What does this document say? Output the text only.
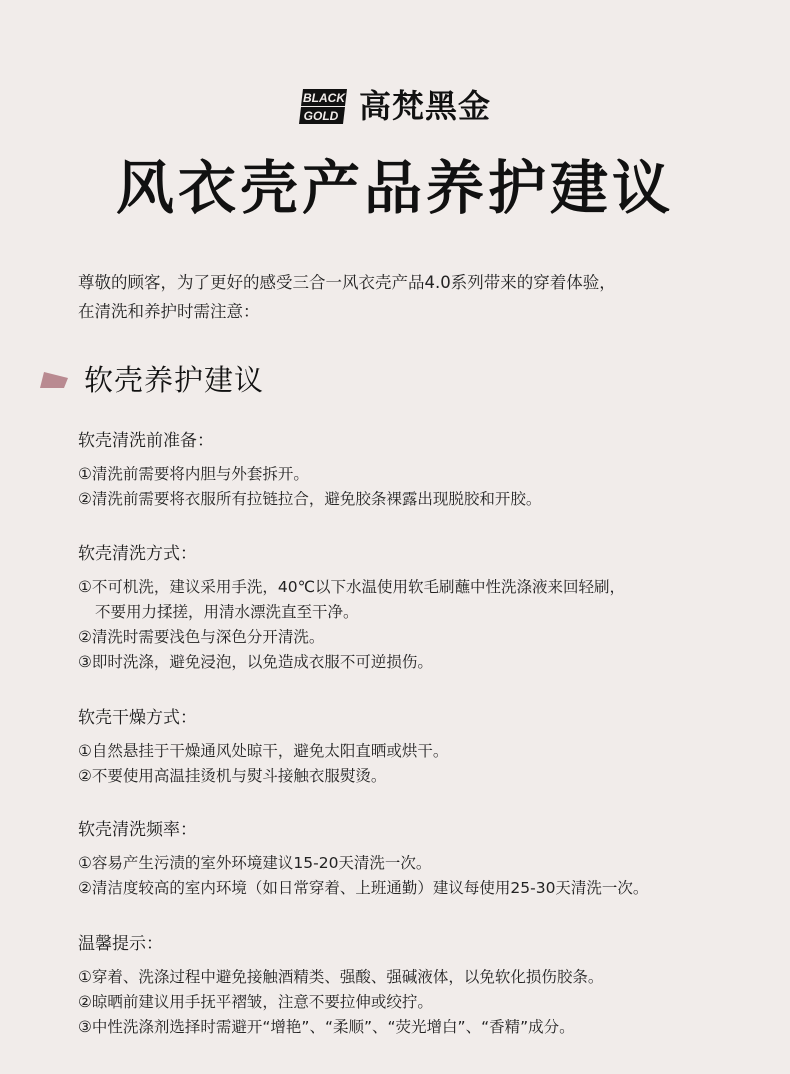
BLACK
GOLD 高梵黑金
风衣壳产品养护建议

尊敬的顾客，为了更好的感受三合一风衣壳产品4.0系列带来的穿着体验，

在清洗和养护时需注意：

软壳养护建议

软壳清洗前准备：

①清洗前需要将内胆与外套拆开。
②清洗前需要将衣服所有拉链拉合，避免胶条裸露出现脱胶和开胶。

软壳清洗方式：

①不可机洗，建议采用手洗，40℃以下水温使用软毛刷蘸中性洗涤液来回轻刷，
不要用力揉搓，用清水漂洗直至干净。
②清洗时需要浅色与深色分开清洗。
③即时洗涤，避免浸泡，以免造成衣服不可逆损伤。

软壳干燥方式：

①自然悬挂于干燥通风处晾干，避免太阳直晒或烘干。
②不要使用高温挂烫机与熨斗接触衣服熨烫。

软壳清洗频率：

①容易产生污渍的室外环境建议15-20天清洗一次。
②清洁度较高的室内环境（如日常穿着、上班通勤）建议每使用25-30天清洗一次。

温馨提示：

①穿着、洗涤过程中避免接触酒精类、强酸、强碱液体，以免软化损伤胶条。
②晾晒前建议用手抚平褶皱，注意不要拉伸或绞拧。
③中性洗涤剂选择时需避开“增艳”、“柔顺”、“荧光增白”、“香精”成分。
